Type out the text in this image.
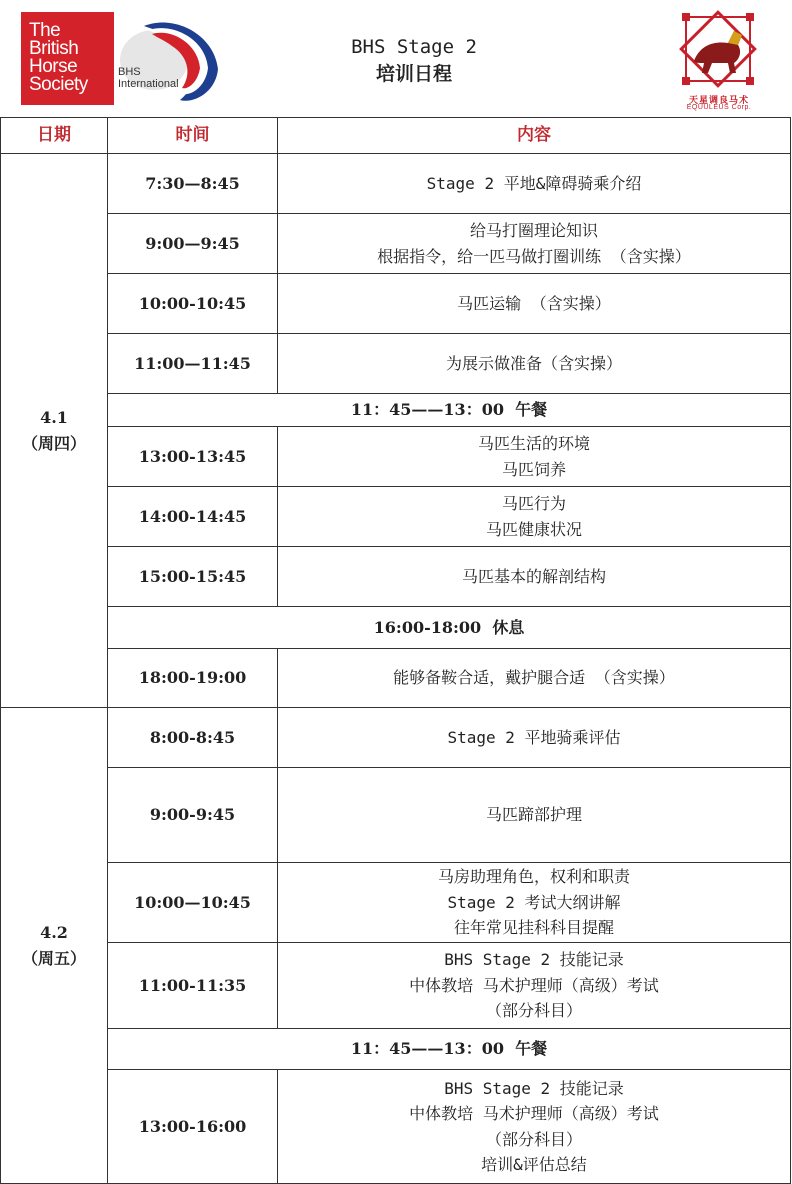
The
British
Horse
Society
BHS
International
BHS Stage 2
培训日程
天星调良马术
EQUULEUS Corp.
日期	时间	内容

4.1
（周四）	7:30—8:45	Stage 2 平地&障碍骑乘介绍

	9:00—9:45	给马打圈理论知识
根据指令，给一匹马做打圈训练 （含实操）

	10:00-10:45	马匹运输 （含实操）

	11:00—11:45	为展示做准备（含实操）

	11：45——13：00  午餐	
	13:00-13:45	马匹生活的环境
马匹饲养

	14:00-14:45	马匹行为
马匹健康状况

	15:00-15:45	马匹基本的解剖结构

	16:00-18:00  休息	
	18:00-19:00	能够备鞍合适，戴护腿合适 （含实操）

4.2
（周五）	8:00-8:45	Stage 2 平地骑乘评估

	9:00-9:45	马匹蹄部护理

	10:00—10:45	马房助理角色，权利和职责
Stage 2 考试大纲讲解
往年常见挂科科目提醒

	11:00-11:35	BHS Stage 2 技能记录
中体教培 马术护理师（高级）考试
（部分科目）

	11：45——13：00  午餐	
	13:00-16:00	BHS Stage 2 技能记录
中体教培 马术护理师（高级）考试
（部分科目）
培训&评估总结
